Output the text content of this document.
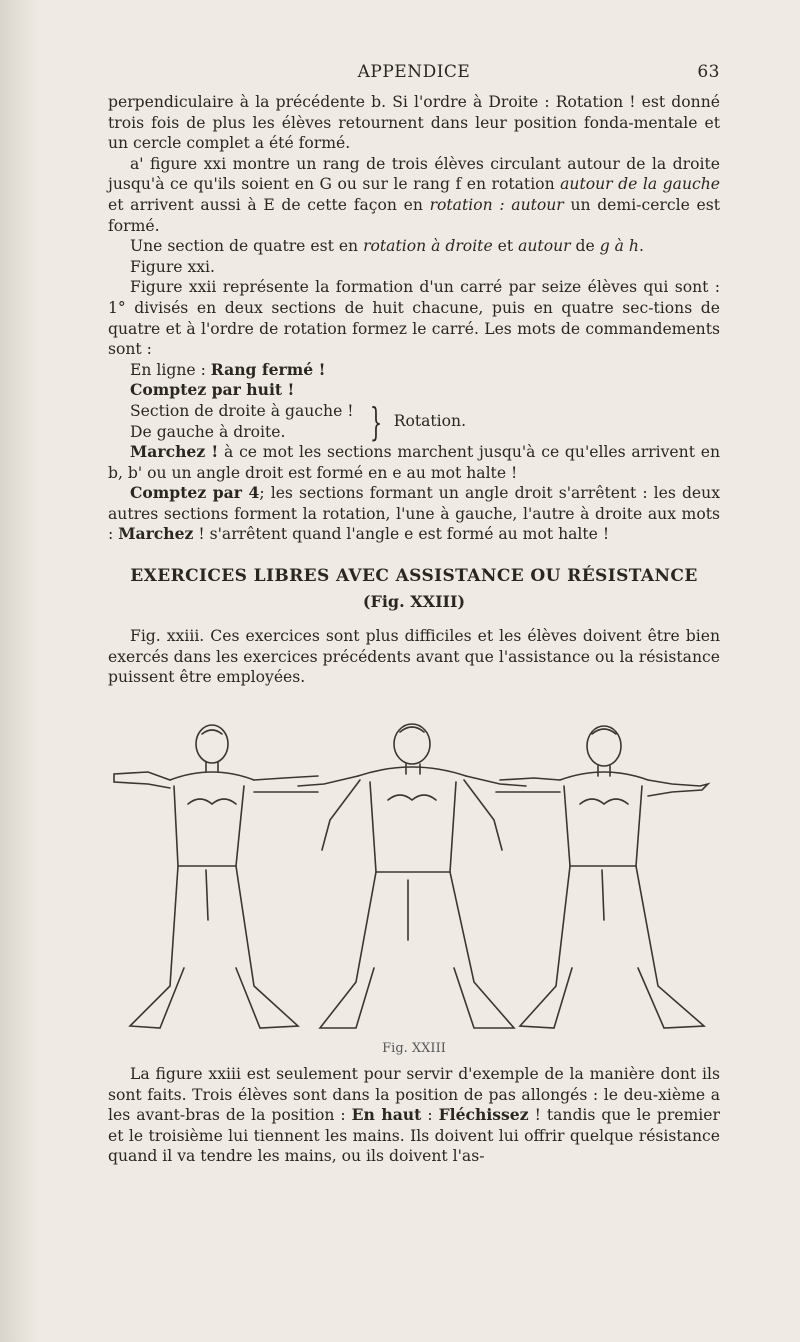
APPENDICE	63

perpendiculaire à la précédente b. Si l'ordre à Droite : Rotation ! est donné trois fois de plus les élèves retournent dans leur position fonda-mentale et un cercle complet a été formé.

a' figure xxi montre un rang de trois élèves circulant autour de la droite jusqu'à ce qu'ils soient en G ou sur le rang f en rotation autour de la gauche et arrivent aussi à E de cette façon en rotation : autour un demi-cercle est formé.

Une section de quatre est en rotation à droite et autour de g à h.

Figure xxi.

Figure xxii représente la formation d'un carré par seize élèves qui sont : 1° divisés en deux sections de huit chacune, puis en quatre sec-tions de quatre et à l'ordre de rotation formez le carré. Les mots de commandements sont :

En ligne : Rang fermé !

Comptez par huit !

Section de droite à gauche !
De gauche à droite.	} Rotation.

Marchez ! à ce mot les sections marchent jusqu'à ce qu'elles arrivent en b, b' ou un angle droit est formé en e au mot halte !

Comptez par 4; les sections formant un angle droit s'arrêtent : les deux autres sections forment la rotation, l'une à gauche, l'autre à droite aux mots : Marchez ! s'arrêtent quand l'angle e est formé au mot halte !

EXERCICES LIBRES AVEC ASSISTANCE OU RÉSISTANCE
(Fig. XXIII)

Fig. xxiii. Ces exercices sont plus difficiles et les élèves doivent être bien exercés dans les exercices précédents avant que l'assistance ou la résistance puissent être employées.

Fig. XXIII

La figure xxiii est seulement pour servir d'exemple de la manière dont ils sont faits. Trois élèves sont dans la position de pas allongés : le deu-xième a les avant-bras de la position : En haut : Fléchissez ! tandis que le premier et le troisième lui tiennent les mains. Ils doivent lui offrir quelque résistance quand il va tendre les mains, ou ils doivent l'as-
